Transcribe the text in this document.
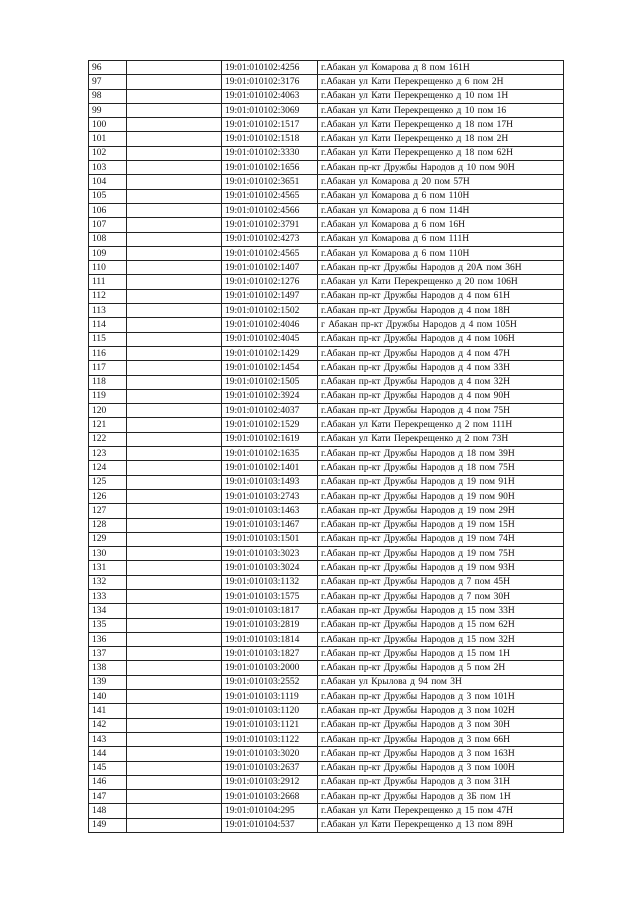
96		19:01:010102:4256	г.Абакан ул Комарова д 8 пом 161Н
97		19:01:010102:3176	г.Абакан ул Кати Перекрещенко д 6 пом 2Н
98		19:01:010102:4063	г.Абакан ул Кати Перекрещенко д 10 пом 1Н
99		19:01:010102:3069	г.Абакан ул Кати Перекрещенко д 10 пом 16
100		19:01:010102:1517	г.Абакан ул Кати Перекрещенко д 18 пом 17Н
101		19:01:010102:1518	г.Абакан ул Кати Перекрещенко д 18 пом 2Н
102		19:01:010102:3330	г.Абакан ул Кати Перекрещенко д 18 пом 62Н
103		19:01:010102:1656	г.Абакан пр-кт Дружбы Народов д 10 пом 90Н
104		19:01:010102:3651	г.Абакан ул Комарова д 20 пом 57Н
105		19:01:010102:4565	г.Абакан ул Комарова д 6 пом 110Н
106		19:01:010102:4566	г.Абакан ул Комарова д 6 пом 114Н
107		19:01:010102:3791	г.Абакан ул Комарова д 6 пом 16Н
108		19:01:010102:4273	г.Абакан ул Комарова д 6 пом 111Н
109		19:01:010102:4565	г.Абакан ул Комарова д 6 пом 110Н
110		19:01:010102:1407	г.Абакан пр-кт Дружбы Народов д 20А пом 36Н
111		19:01:010102:1276	г.Абакан ул Кати Перекрещенко д 20 пом 106Н
112		19:01:010102:1497	г.Абакан пр-кт Дружбы Народов д 4 пом 61Н
113		19:01:010102:1502	г.Абакан пр-кт Дружбы Народов д 4 пом 18Н
114		19:01:010102:4046	г Абакан пр-кт Дружбы Народов д 4 пом 105Н
115		19:01:010102:4045	г.Абакан пр-кт Дружбы Народов д 4 пом 106Н
116		19:01:010102:1429	г.Абакан пр-кт Дружбы Народов д 4 пом 47Н
117		19:01:010102:1454	г.Абакан пр-кт Дружбы Народов д 4 пом 33Н
118		19:01:010102:1505	г.Абакан пр-кт Дружбы Народов д 4 пом 32Н
119		19:01:010102:3924	г.Абакан пр-кт Дружбы Народов д 4 пом 90Н
120		19:01:010102:4037	г.Абакан пр-кт Дружбы Народов д 4 пом 75Н
121		19:01:010102:1529	г.Абакан ул Кати Перекрещенко д 2 пом 111Н
122		19:01:010102:1619	г.Абакан ул Кати Перекрещенко д 2 пом 73Н
123		19:01:010102:1635	г.Абакан пр-кт Дружбы Народов д 18 пом 39Н
124		19:01:010102:1401	г.Абакан пр-кт Дружбы Народов д 18 пом 75Н
125		19:01:010103:1493	г.Абакан пр-кт Дружбы Народов д 19 пом 91Н
126		19:01:010103:2743	г.Абакан пр-кт Дружбы Народов д 19 пом 90Н
127		19:01:010103:1463	г.Абакан пр-кт Дружбы Народов д 19 пом 29Н
128		19:01:010103:1467	г.Абакан пр-кт Дружбы Народов д 19 пом 15Н
129		19:01:010103:1501	г.Абакан пр-кт Дружбы Народов д 19 пом 74Н
130		19:01:010103:3023	г.Абакан пр-кт Дружбы Народов д 19 пом 75Н
131		19:01:010103:3024	г.Абакан пр-кт Дружбы Народов д 19 пом 93Н
132		19:01:010103:1132	г.Абакан пр-кт Дружбы Народов д 7 пом 45Н
133		19:01:010103:1575	г.Абакан пр-кт Дружбы Народов д 7 пом 30Н
134		19:01:010103:1817	г.Абакан пр-кт Дружбы Народов д 15 пом 33Н
135		19:01:010103:2819	г.Абакан пр-кт Дружбы Народов д 15 пом 62Н
136		19:01:010103:1814	г.Абакан пр-кт Дружбы Народов д 15 пом 32Н
137		19:01:010103:1827	г.Абакан пр-кт Дружбы Народов д 15 пом 1Н
138		19:01:010103:2000	г.Абакан пр-кт Дружбы Народов д 5 пом 2Н
139		19:01:010103:2552	г.Абакан ул Крылова д 94 пом 3Н
140		19:01:010103:1119	г.Абакан пр-кт Дружбы Народов д 3 пом 101Н
141		19:01:010103:1120	г.Абакан пр-кт Дружбы Народов д 3 пом 102Н
142		19:01:010103:1121	г.Абакан пр-кт Дружбы Народов д 3 пом 30Н
143		19:01:010103:1122	г.Абакан пр-кт Дружбы Народов д 3 пом 66Н
144		19:01:010103:3020	г.Абакан пр-кт Дружбы Народов д 3 пом 163Н
145		19:01:010103:2637	г.Абакан пр-кт Дружбы Народов д 3 пом 100Н
146		19:01:010103:2912	г.Абакан пр-кт Дружбы Народов д 3 пом 31Н
147		19:01:010103:2668	г.Абакан пр-кт Дружбы Народов д 3Б пом 1Н
148		19:01:010104:295	г.Абакан ул Кати Перекрещенко д 15 пом 47Н
149		19:01:010104:537	г.Абакан ул Кати Перекрещенко д 13 пом 89Н
